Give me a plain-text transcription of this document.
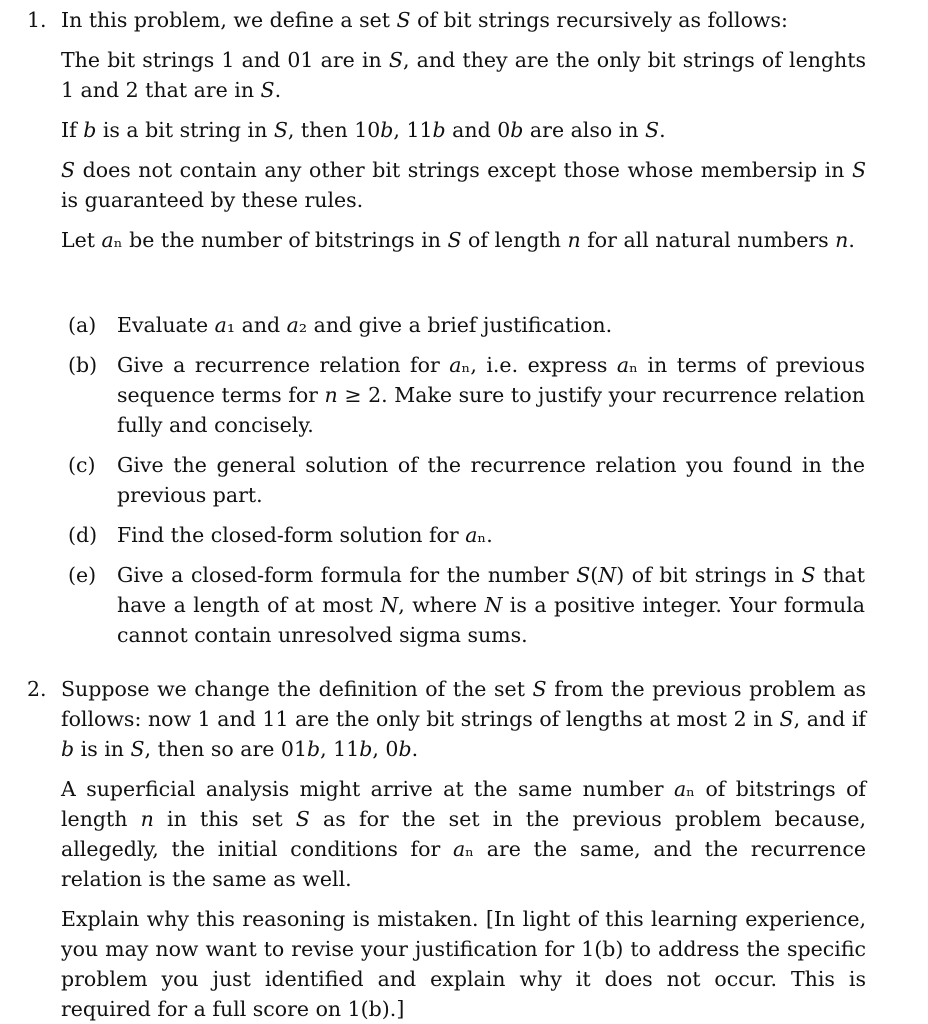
1. In this problem, we define a set 𝑆 of bit strings recursively as follows:

The bit strings 1 and 01 are in 𝑆, and they are the only bit strings of lenghts 1 and 2 that are in 𝑆.

If 𝑏 is a bit string in 𝑆, then 10𝑏, 11𝑏 and 0𝑏 are also in 𝑆.

𝑆 does not contain any other bit strings except those whose membersip in 𝑆 is guaranteed by these rules.

Let 𝑎ₙ be the number of bitstrings in 𝑆 of length 𝑛 for all natural numbers 𝑛.

(a) Evaluate 𝑎₁ and 𝑎₂ and give a brief justification.

(b) Give a recurrence relation for 𝑎ₙ, i.e. express 𝑎ₙ in terms of previous sequence terms for 𝑛 ≥ 2. Make sure to justify your recurrence relation fully and concisely.

(c) Give the general solution of the recurrence relation you found in the previous part.

(d) Find the closed-form solution for 𝑎ₙ.

(e) Give a closed-form formula for the number 𝑆(𝑁) of bit strings in 𝑆 that have a length of at most 𝑁, where 𝑁 is a positive integer. Your formula cannot contain unresolved sigma sums.

2. Suppose we change the definition of the set 𝑆 from the previous problem as follows: now 1 and 11 are the only bit strings of lengths at most 2 in 𝑆, and if 𝑏 is in 𝑆, then so are 01𝑏, 11𝑏, 0𝑏.

A superficial analysis might arrive at the same number 𝑎ₙ of bitstrings of length 𝑛 in this set 𝑆 as for the set in the previous problem because, allegedly, the initial conditions for 𝑎ₙ are the same, and the recurrence relation is the same as well.

Explain why this reasoning is mistaken. [In light of this learning experience, you may now want to revise your justification for 1(b) to address the specific problem you just identified and explain why it does not occur. This is required for a full score on 1(b).]
